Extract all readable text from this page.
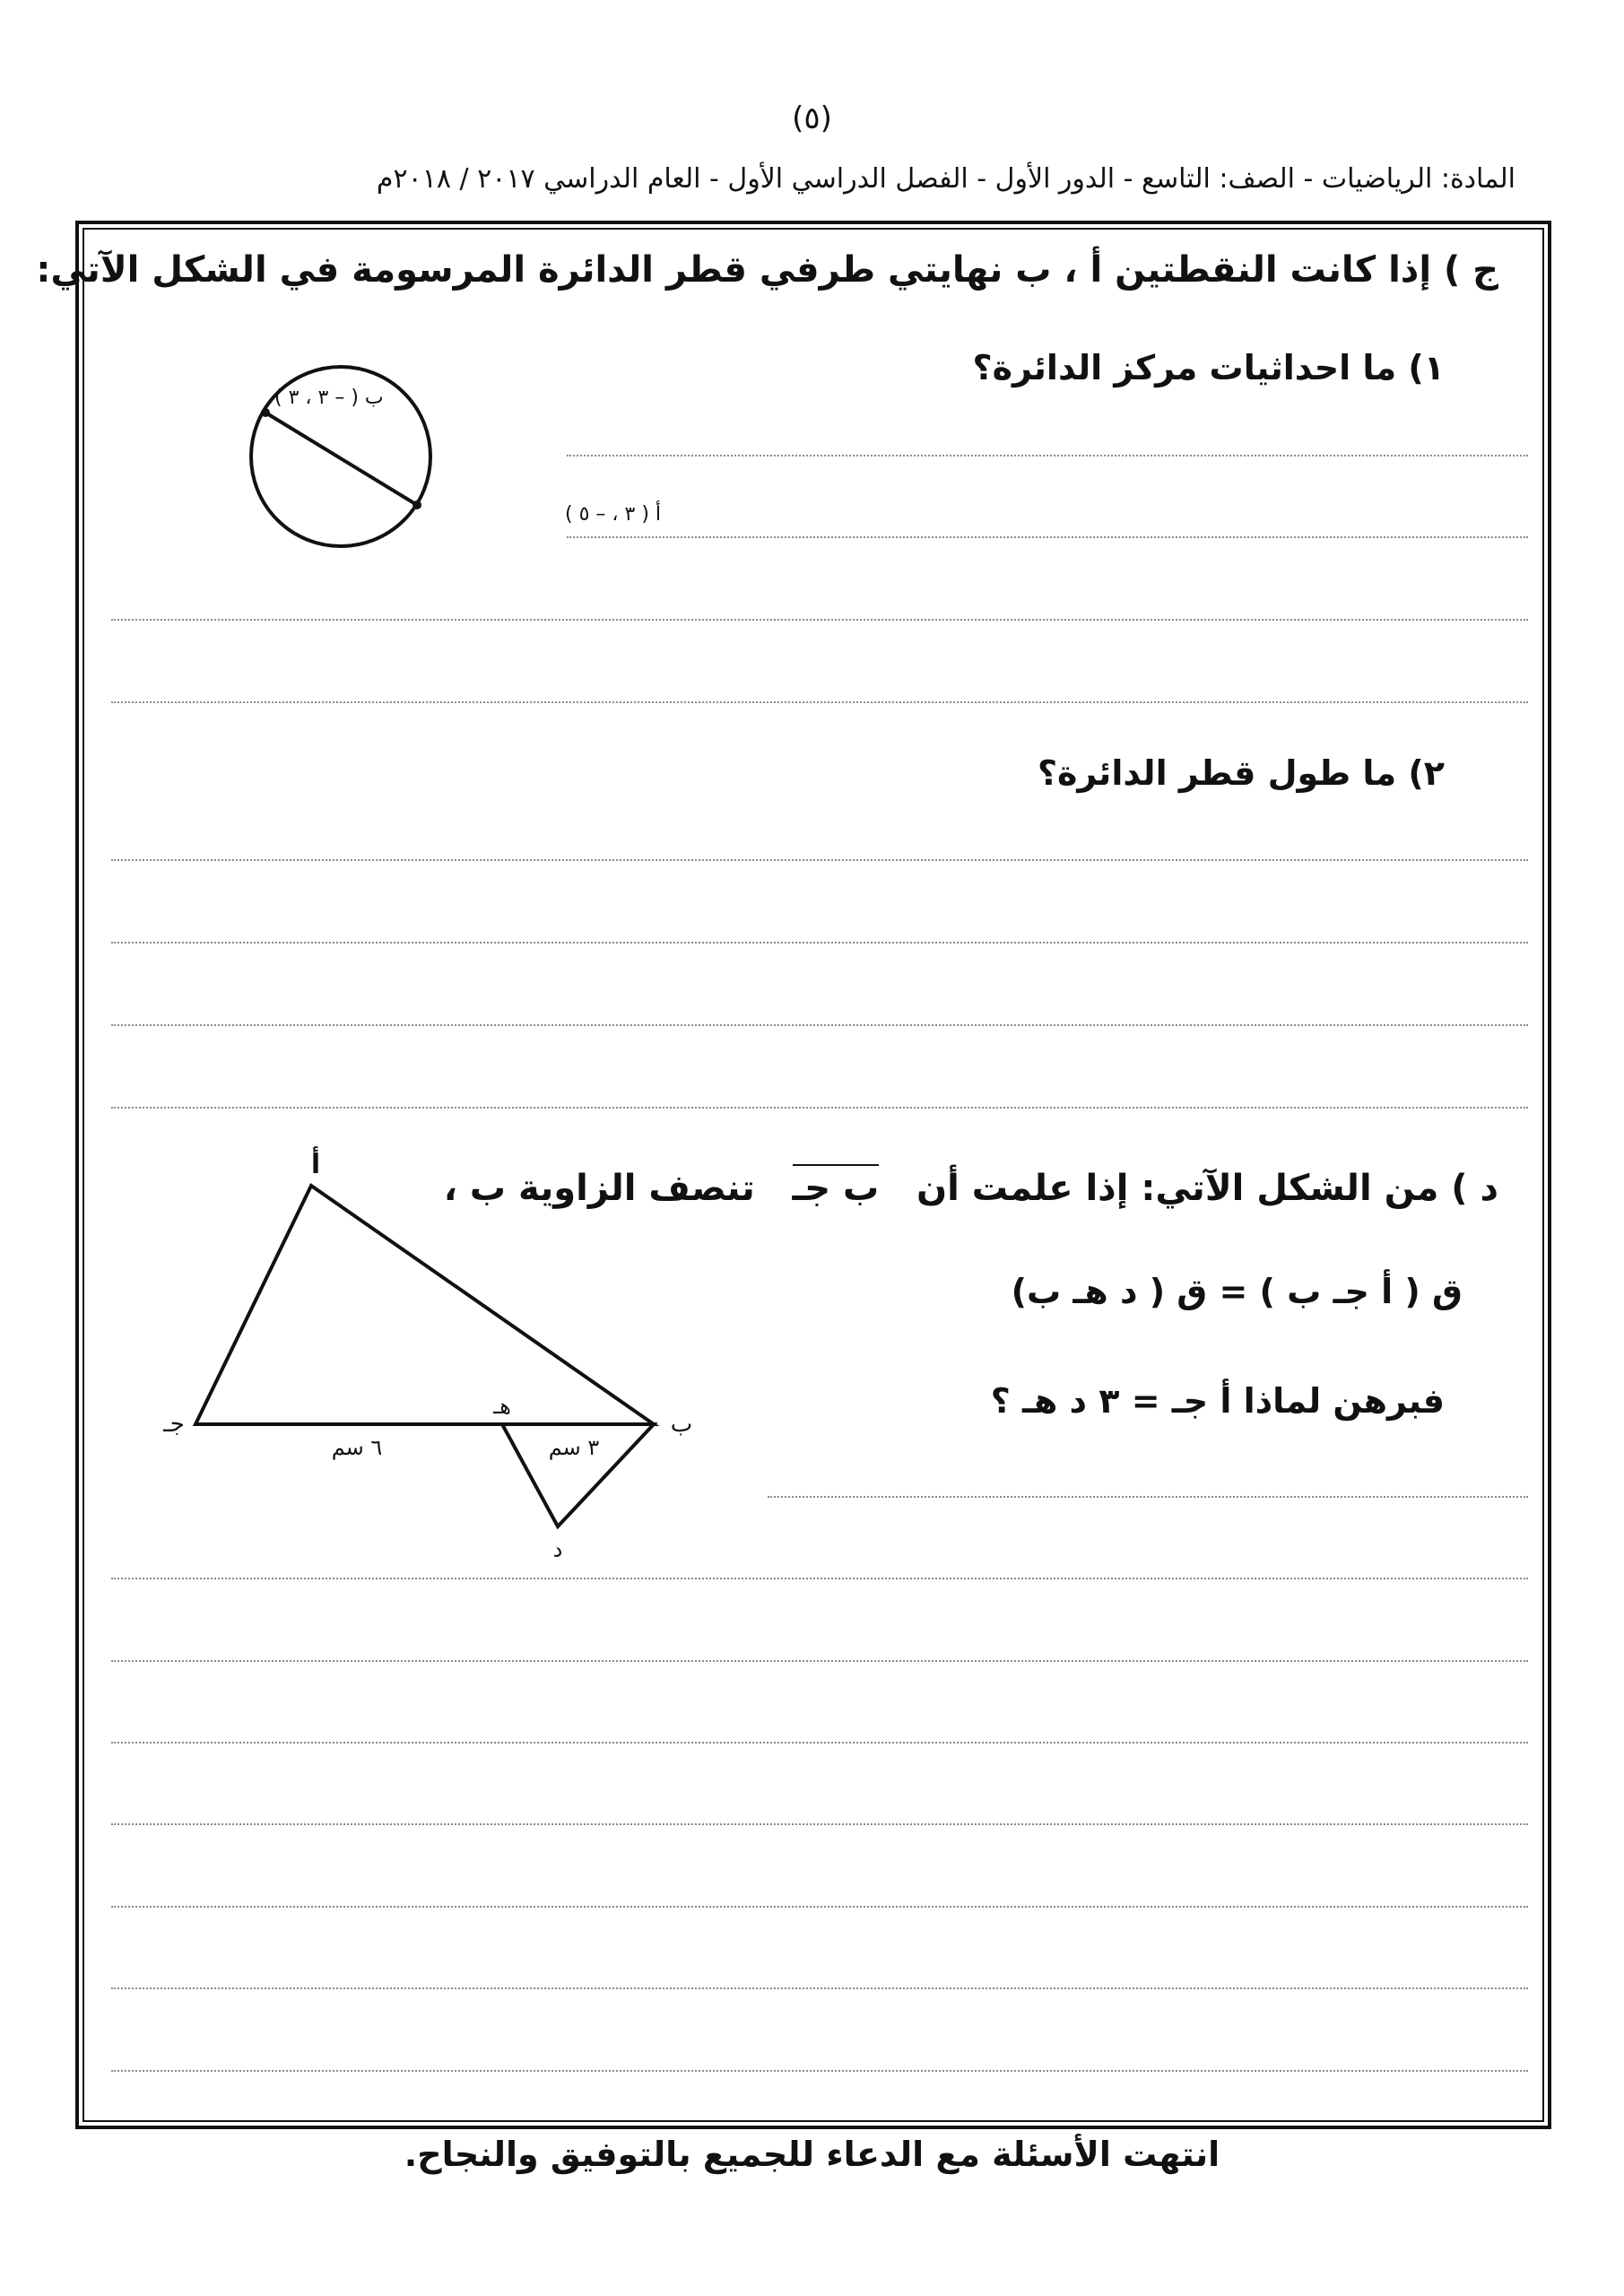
(٥)
المادة: الرياضيات - الصف: التاسع - الدور الأول - الفصل الدراسي الأول - العام الدراسي ٢٠١٧ / ٢٠١٨م
ج ) إذا كانت النقطتين أ ، ب نهايتي طرفي قطر الدائرة المرسومة في الشكل الآتي:
١) ما احداثيات مركز الدائرة؟
ب ( – ٣ ، ٣ )
أ ( ٣ ، – ٥ )
٢) ما طول قطر الدائرة؟
د ) من الشكل الآتي: إذا علمت أن   ب جـ   تنصف الزاوية ب ،
ق ( ﺃ جـ ب ) = ق ( د هـ ب)
فبرهن لماذا ﺃ جـ = ٣ د هـ ؟
ﺃ
ب
جـ
هـ
د
٦ سم	٣ سم
انتهت الأسئلة مع الدعاء للجميع بالتوفيق والنجاح.
